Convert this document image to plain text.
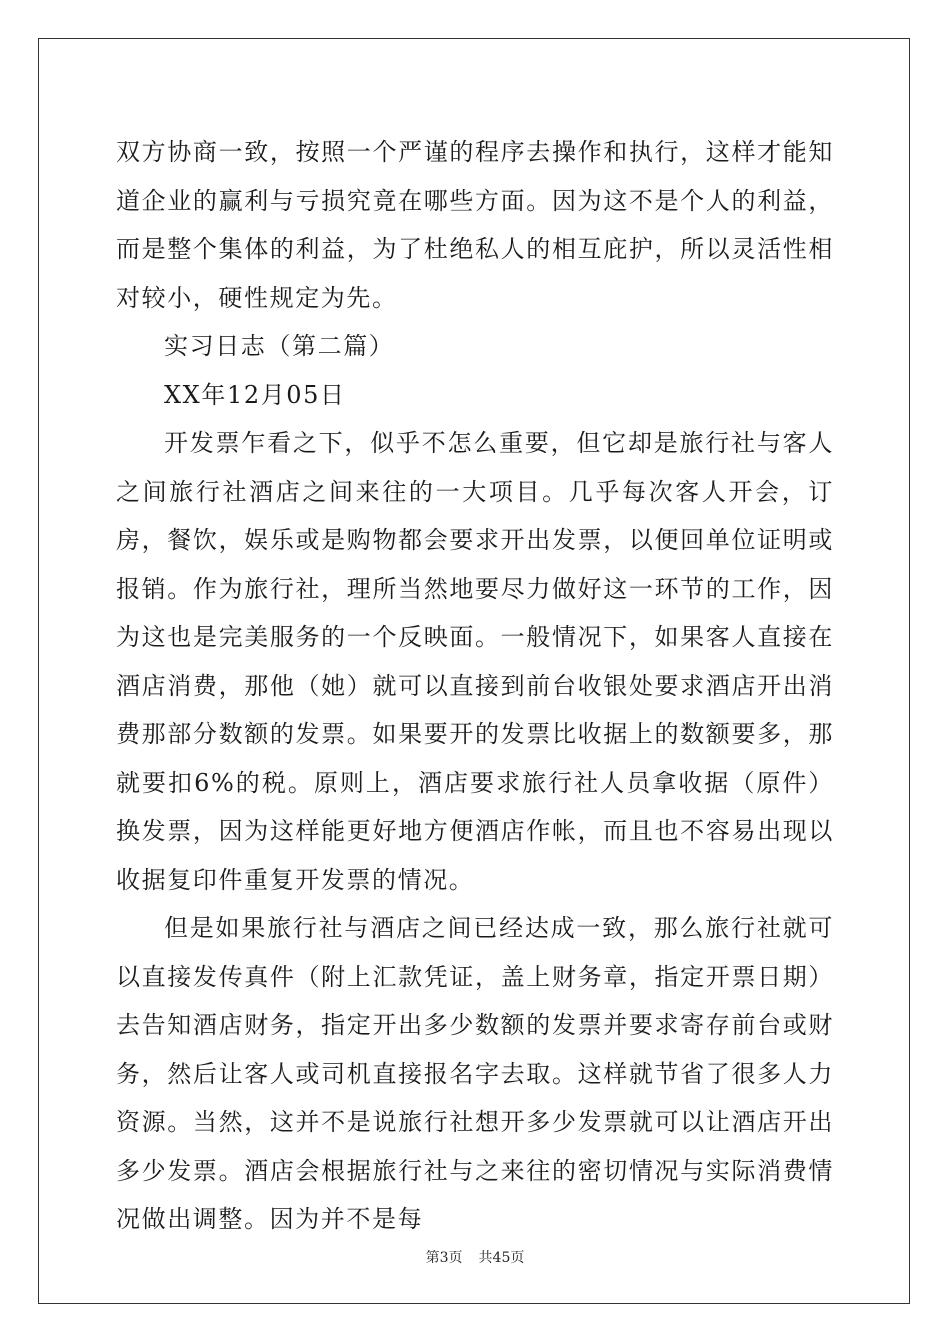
双方协商一致，按照一个严谨的程序去操作和执行，这样才能知道企业的赢利与亏损究竟在哪些方面。因为这不是个人的利益，而是整个集体的利益，为了杜绝私人的相互庇护，所以灵活性相对较小，硬性规定为先。

实习日志（第二篇）

XX年12月05日

开发票乍看之下，似乎不怎么重要，但它却是旅行社与客人之间旅行社酒店之间来往的一大项目。几乎每次客人开会，订房，餐饮，娱乐或是购物都会要求开出发票，以便回单位证明或报销。作为旅行社，理所当然地要尽力做好这一环节的工作，因为这也是完美服务的一个反映面。一般情况下，如果客人直接在酒店消费，那他（她）就可以直接到前台收银处要求酒店开出消费那部分数额的发票。如果要开的发票比收据上的数额要多，那就要扣6%的税。原则上，酒店要求旅行社人员拿收据（原件）换发票，因为这样能更好地方便酒店作帐，而且也不容易出现以收据复印件重复开发票的情况。

但是如果旅行社与酒店之间已经达成一致，那么旅行社就可以直接发传真件（附上汇款凭证，盖上财务章，指定开票日期）去告知酒店财务，指定开出多少数额的发票并要求寄存前台或财务，然后让客人或司机直接报名字去取。这样就节省了很多人力资源。当然，这并不是说旅行社想开多少发票就可以让酒店开出多少发票。酒店会根据旅行社与之来往的密切情况与实际消费情况做出调整。因为并不是每

第3页 共45页
